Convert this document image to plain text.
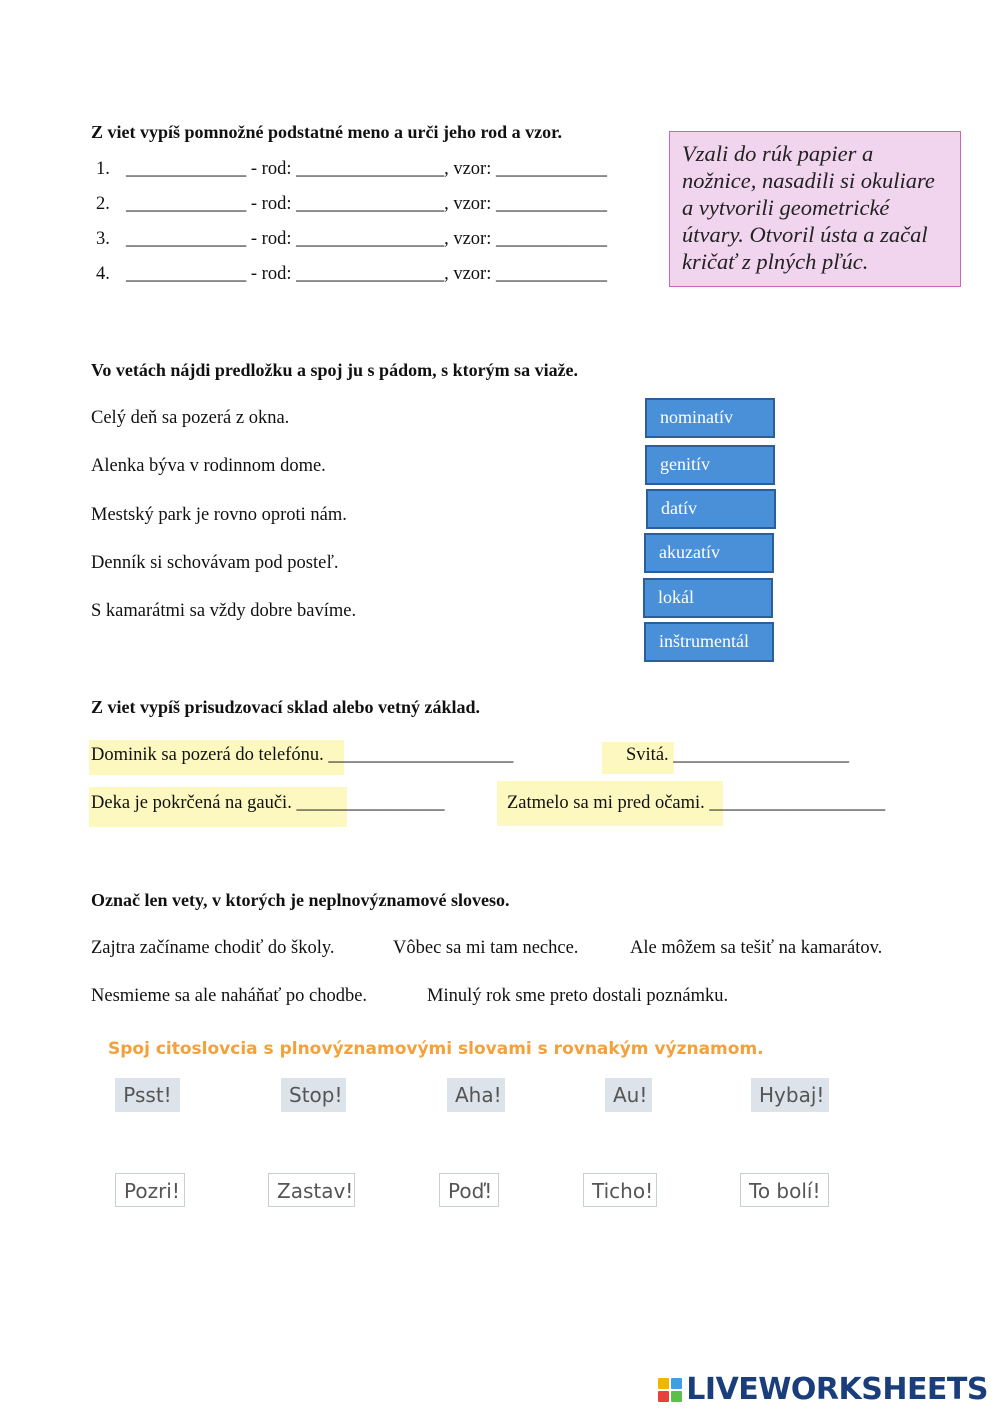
Z viet vypíš pomnožné podstatné meno a urči jeho rod a vzor.
1. _____________ - rod: ________________, vzor: ____________
2. _____________ - rod: ________________, vzor: ____________
3. _____________ - rod: ________________, vzor: ____________
4. _____________ - rod: ________________, vzor: ____________

Vzali do rúk papier a nožnice, nasadili si okuliare a vytvorili geometrické útvary. Otvoril ústa a začal kričať z plných pľúc.

Vo vetách nájdi predložku a spoj ju s pádom, s ktorým sa viaže.
Celý deň sa pozerá z okna.
Alenka býva v rodinnom dome.
Mestský park je rovno oproti nám.
Denník si schovávam pod posteľ.
S kamarátmi sa vždy dobre bavíme.
nominatív
genitív
datív
akuzatív
lokál
inštrumentál
Z viet vypíš prisudzovací sklad alebo vetný základ.
Dominik sa pozerá do telefónu. ____________________	Svitá. ___________________
Deka je pokrčená na gauči. ________________	Zatmelo sa mi pred očami. ___________________
Označ len vety, v ktorých je neplnovýznamové sloveso.
Zajtra začíname chodiť do školy.	Vôbec sa mi tam nechce.	Ale môžem sa tešiť na kamarátov.
Nesmieme sa ale naháňať po chodbe.	Minulý rok sme preto dostali poznámku.
Spoj citoslovcia s plnovýznamovými slovami s rovnakým významom.
Psst!	Stop!	Aha!	Au!	Hybaj!
Pozri!	Zastav!	Poď!	Ticho!	To bolí!
LIVEWORKSHEETS
